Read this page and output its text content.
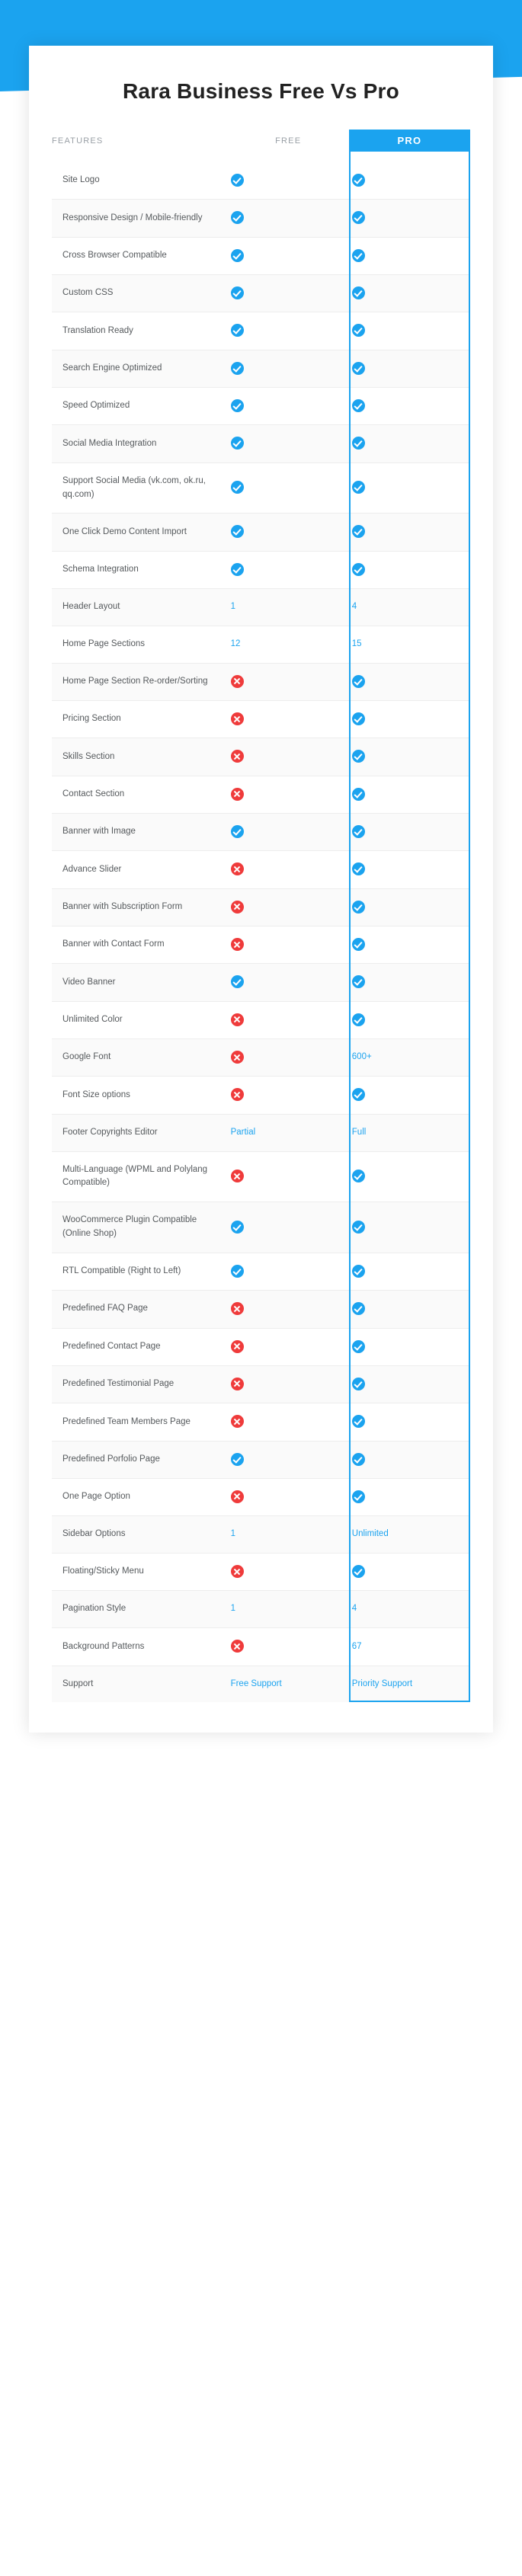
Rara Business Free Vs Pro
FEATURES	FREE	PRO
Site Logo		
Responsive Design / Mobile-friendly		
Cross Browser Compatible		
Custom CSS		
Translation Ready		
Search Engine Optimized		
Speed Optimized		
Social Media Integration		
Support Social Media (vk.com, ok.ru, qq.com)		
One Click Demo Content Import		
Schema Integration		
Header Layout	1	4
Home Page Sections	12	15
Home Page Section Re-order/Sorting		
Pricing Section		
Skills Section		
Contact Section		
Banner with Image		
Advance Slider		
Banner with Subscription Form		
Banner with Contact Form		
Video Banner		
Unlimited Color		
Google Font		600+
Font Size options		
Footer Copyrights Editor	Partial	Full
Multi-Language (WPML and Polylang Compatible)		
WooCommerce Plugin Compatible (Online Shop)		
RTL Compatible (Right to Left)		
Predefined FAQ Page		
Predefined Contact Page		
Predefined Testimonial Page		
Predefined Team Members Page		
Predefined Porfolio Page		
One Page Option		
Sidebar Options	1	Unlimited
Floating/Sticky Menu		
Pagination Style	1	4
Background Patterns		67
Support	Free Support	Priority Support
